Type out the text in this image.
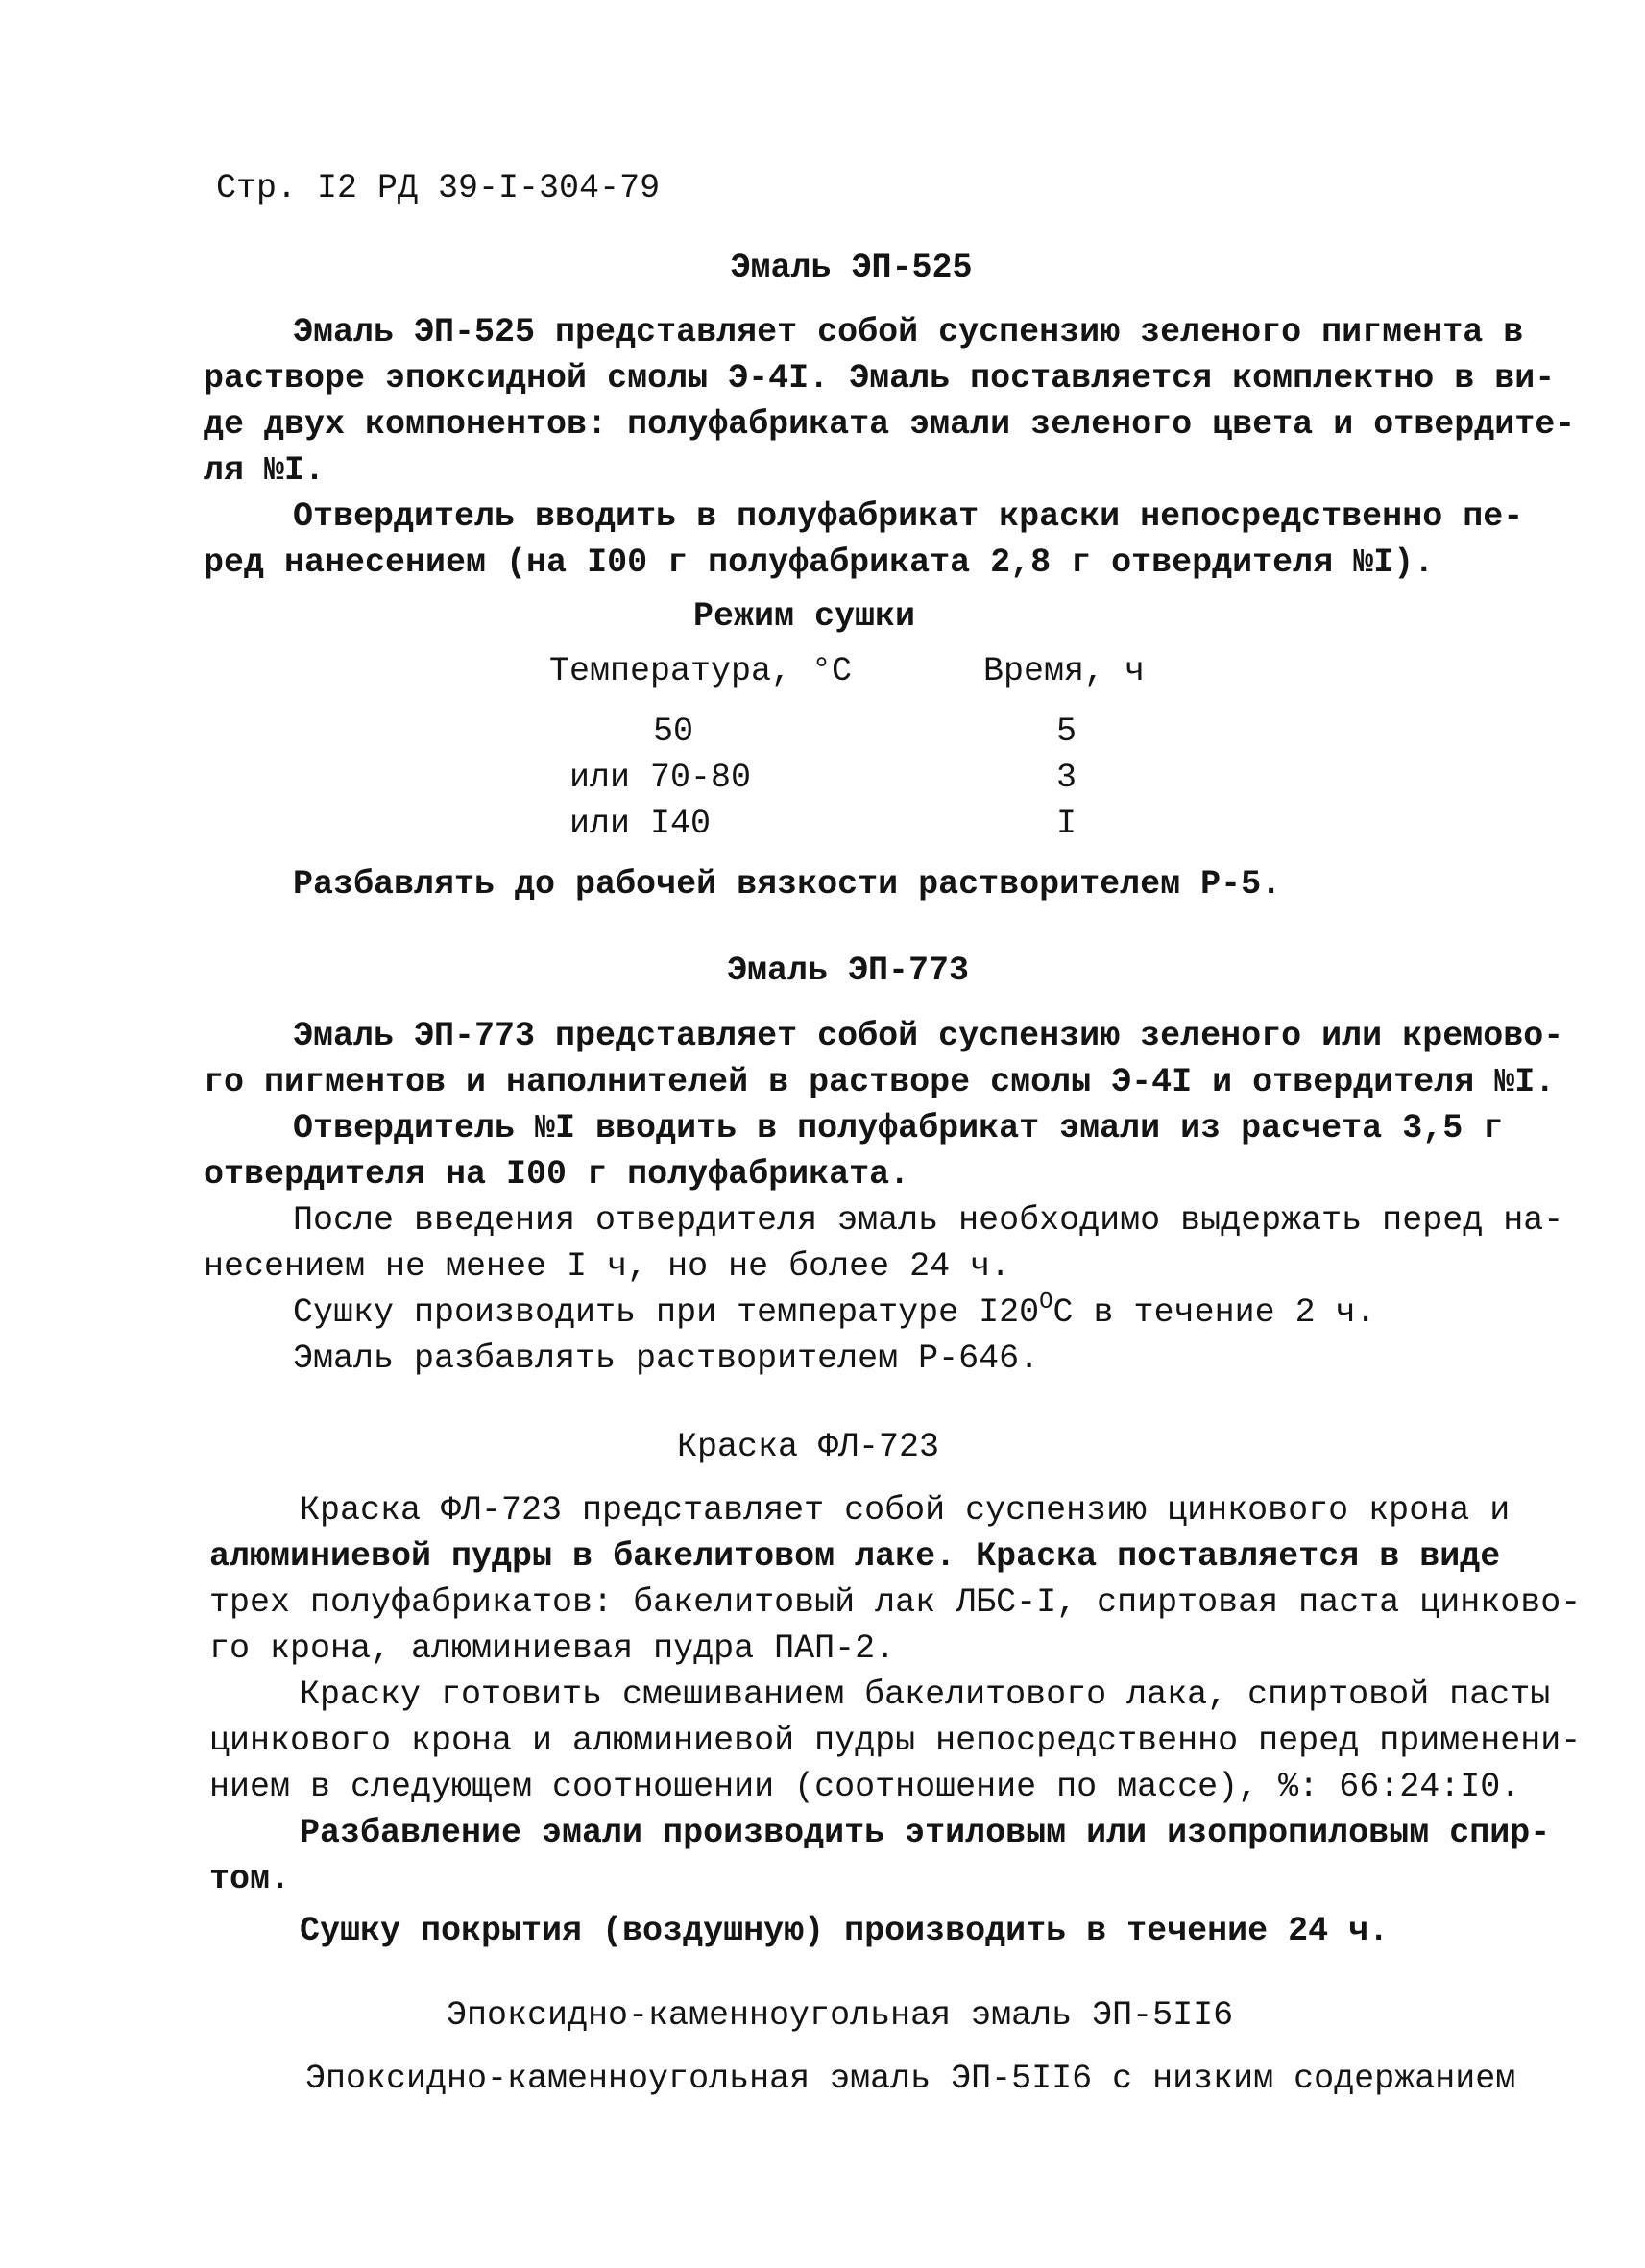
Стр. I2 РД 39-I-304-79
Эмаль ЭП-525
Эмаль ЭП-525 представляет собой суспензию зеленого пигмента в
растворе эпоксидной смолы Э-4I. Эмаль поставляется комплектно в ви-
де двух компонентов: полуфабриката эмали зеленого цвета и отвердите-
ля №I.
Отвердитель вводить в полуфабрикат краски непосредственно пе-
ред нанесением (на I00 г полуфабриката 2,8 г отвердителя №I).
Режим сушки
Температура, °С	Время, ч
50	5
или 70-80	3
или I40	I
Разбавлять до рабочей вязкости растворителем Р-5.
Эмаль ЭП-773
Эмаль ЭП-773 представляет собой суспензию зеленого или кремово-
го пигментов и наполнителей в растворе смолы Э-4I и отвердителя №I.
Отвердитель №I вводить в полуфабрикат эмали из расчета 3,5 г
отвердителя на I00 г полуфабриката.
После введения отвердителя эмаль необходимо выдержать перед на-
несением не менее I ч, но не более 24 ч.
Сушку производить при температуре $I20^ОС$ в течение 2 ч.
Эмаль разбавлять растворителем Р-646.
Краска ФЛ-723
Краска ФЛ-723 представляет собой суспензию цинкового крона и
алюминиевой пудры в бакелитовом лаке. Краска поставляется в виде
трех полуфабрикатов: бакелитовый лак ЛБС-I, спиртовая паста цинково-
го крона, алюминиевая пудра ПАП-2.
Краску готовить смешиванием бакелитового лака, спиртовой пасты
цинкового крона и алюминиевой пудры непосредственно перед применени-
нием в следующем соотношении (соотношение по массе), %: 66:24:I0.
Разбавление эмали производить этиловым или изопропиловым спир-
том.
Сушку покрытия (воздушную) производить в течение 24 ч.
Эпоксидно-каменноугольная эмаль ЭП-5II6
Эпоксидно-каменноугольная эмаль ЭП-5II6 с низким содержанием
